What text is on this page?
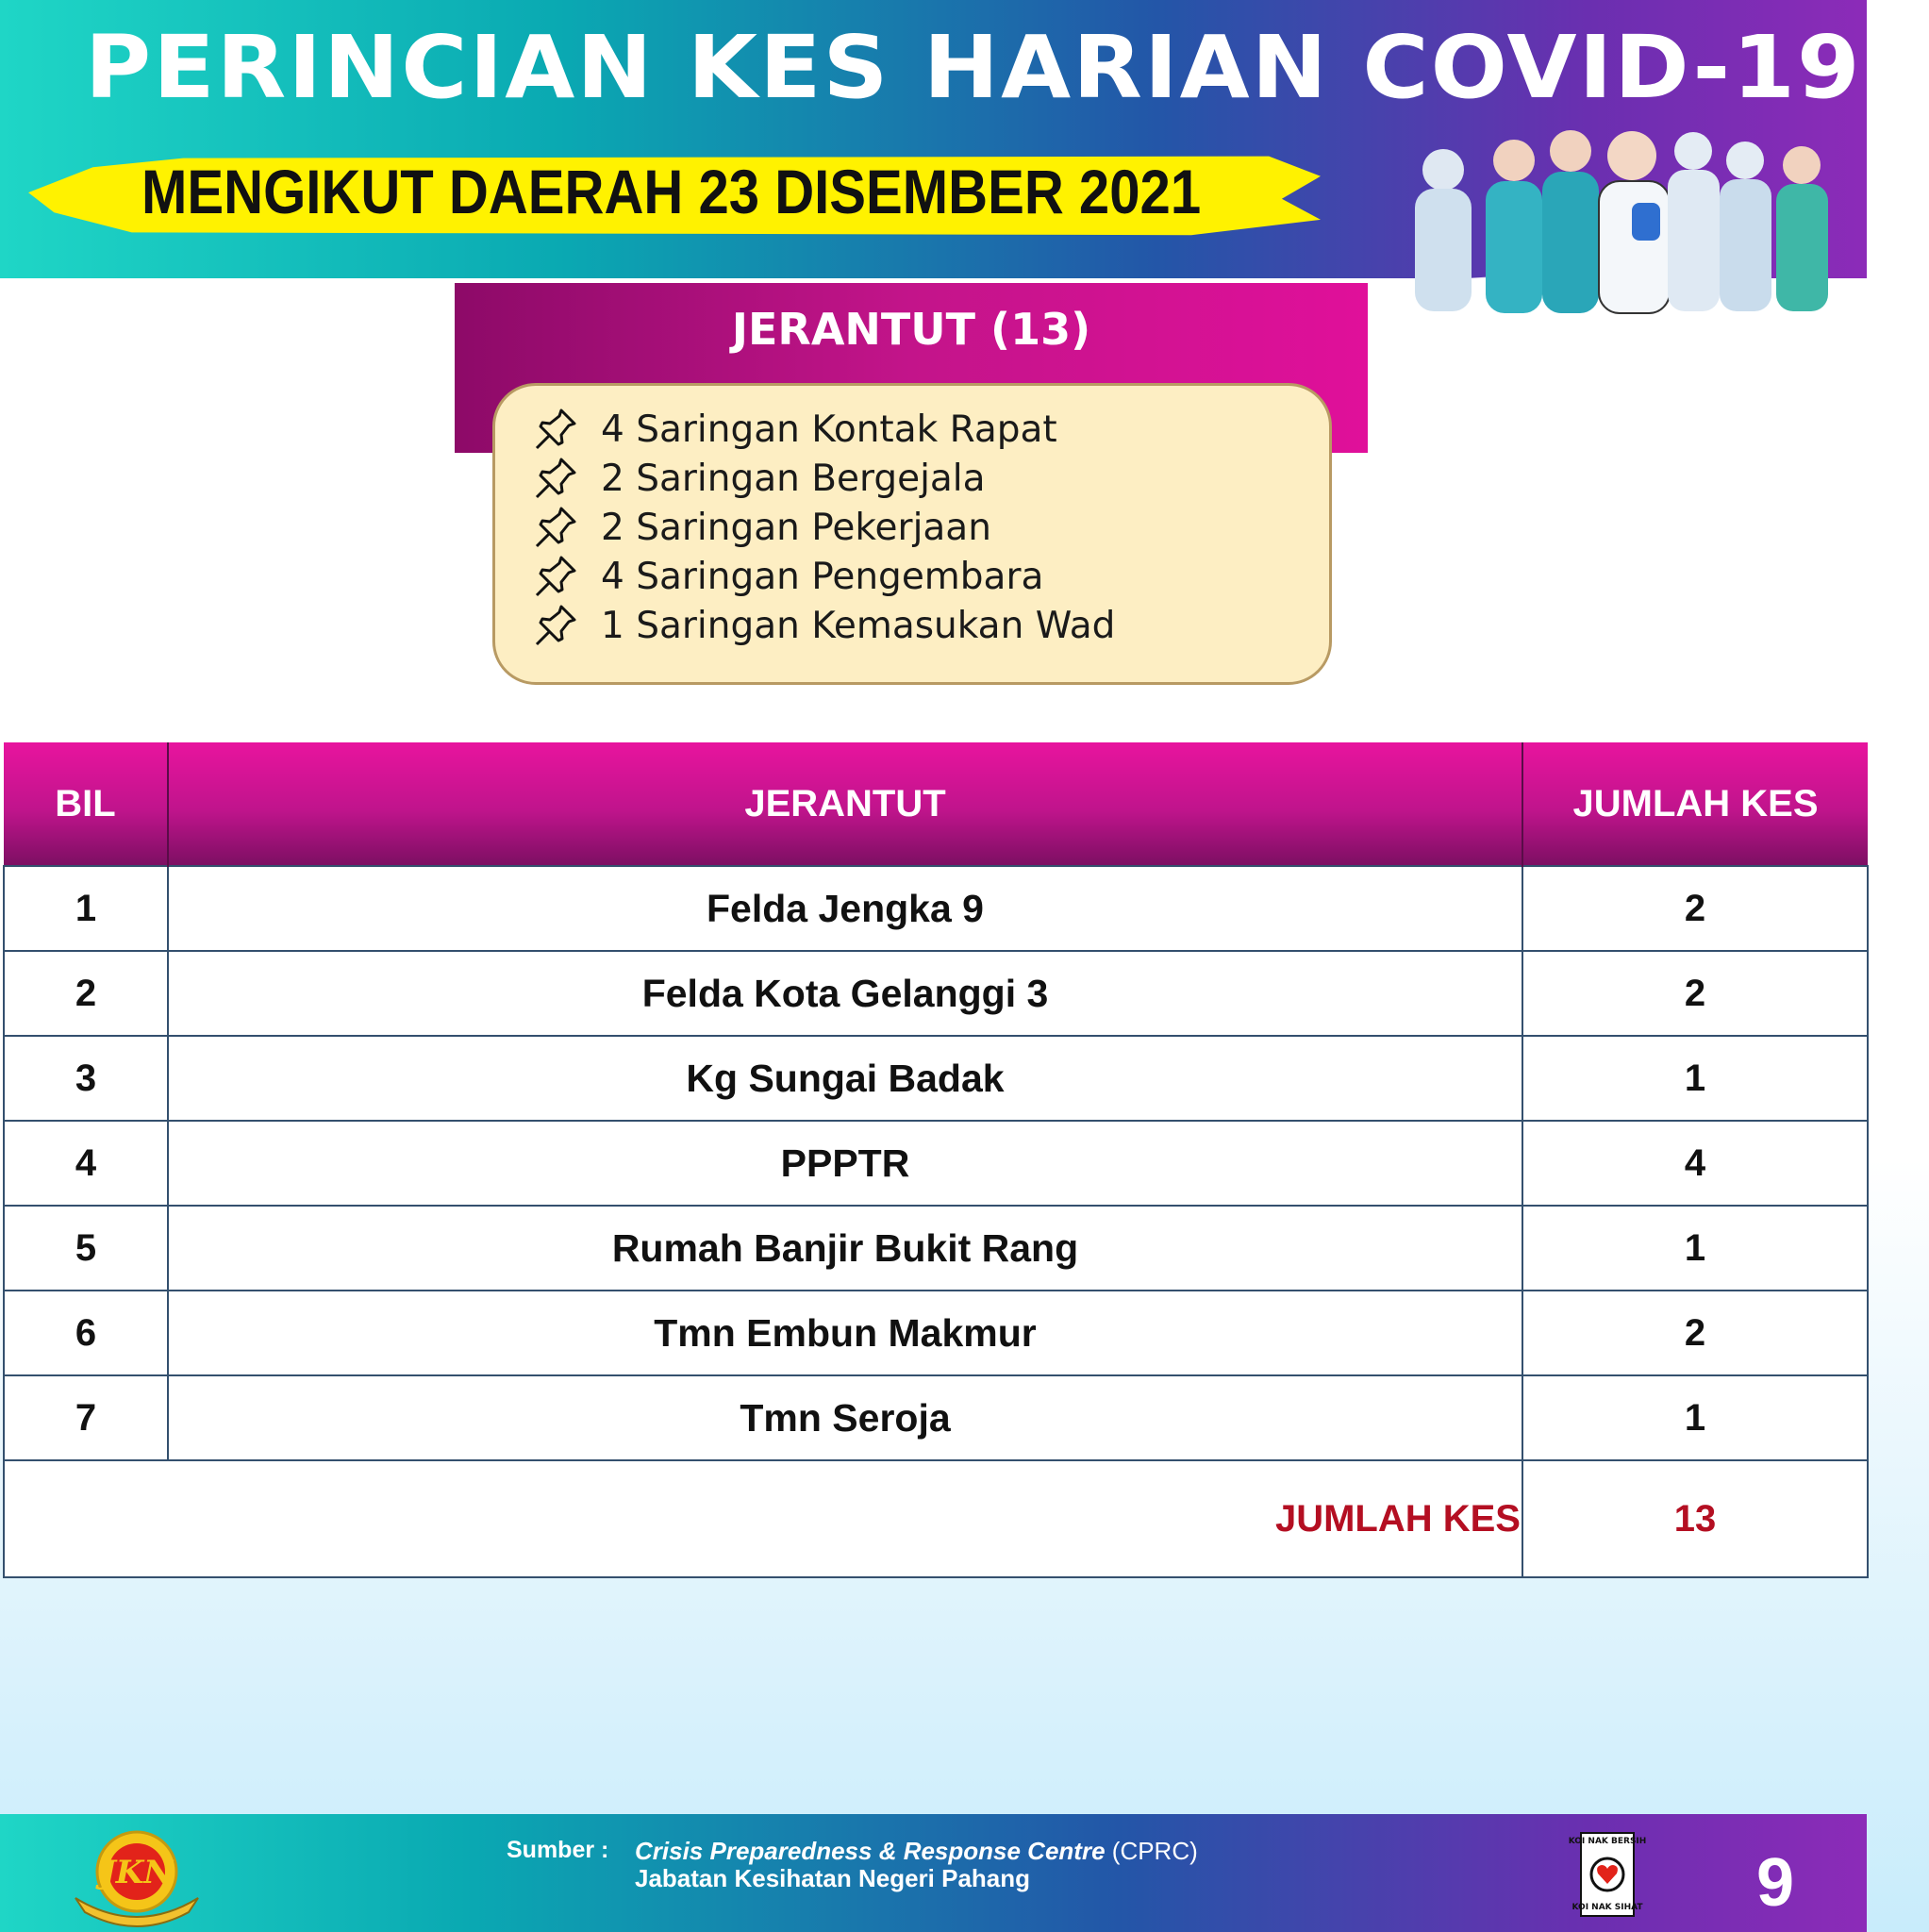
PERINCIAN KES HARIAN COVID-19
MENGIKUT DAERAH 23 DISEMBER 2021
JERANTUT (13)
4 Saringan Kontak Rapat
2 Saringan Bergejala
2 Saringan Pekerjaan
4 Saringan Pengembara
1 Saringan Kemasukan Wad
BIL	JERANTUT	JUMLAH KES
1	Felda Jengka 9	2
2	Felda Kota Gelanggi 3	2
3	Kg Sungai Badak	1
4	PPPTR	4
5	Rumah Banjir Bukit Rang	1
6	Tmn Embun Makmur	2
7	Tmn Seroja	1
JUMLAH KES		13
JKN
Sumber : Crisis Preparedness & Response Centre (CPRC)
Jabatan Kesihatan Negeri Pahang
KOI NAK BERSIH
KOI NAK SIHAT 9
